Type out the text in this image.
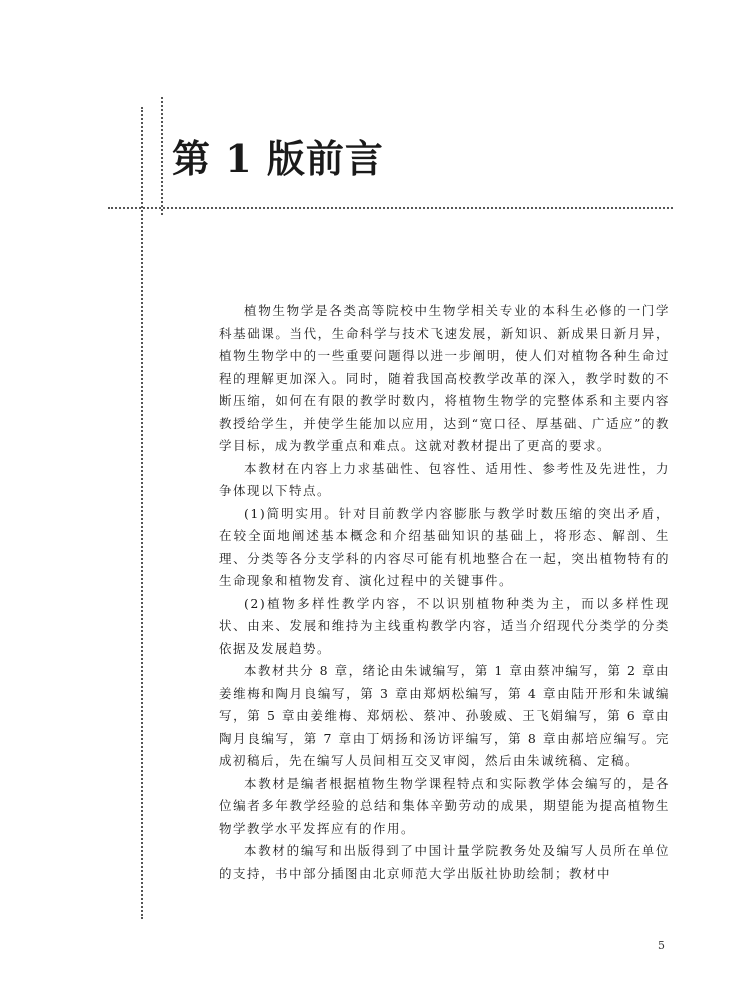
第 1 版前言

植物生物学是各类高等院校中生物学相关专业的本科生必修的一门学科基础课。当代，生命科学与技术飞速发展，新知识、新成果日新月异，植物生物学中的一些重要问题得以进一步阐明，使人们对植物各种生命过程的理解更加深入。同时，随着我国高校教学改革的深入，教学时数的不断压缩，如何在有限的教学时数内，将植物生物学的完整体系和主要内容教授给学生，并使学生能加以应用，达到“宽口径、厚基础、广适应”的教学目标，成为教学重点和难点。这就对教材提出了更高的要求。

本教材在内容上力求基础性、包容性、适用性、参考性及先进性，力争体现以下特点。

(1)简明实用。针对目前教学内容膨胀与教学时数压缩的突出矛盾，在较全面地阐述基本概念和介绍基础知识的基础上，将形态、解剖、生理、分类等各分支学科的内容尽可能有机地整合在一起，突出植物特有的生命现象和植物发育、演化过程中的关键事件。

(2)植物多样性教学内容，不以识别植物种类为主，而以多样性现状、由来、发展和维持为主线重构教学内容，适当介绍现代分类学的分类依据及发展趋势。

本教材共分 8 章，绪论由朱诚编写，第 1 章由蔡冲编写，第 2 章由姜维梅和陶月良编写，第 3 章由郑炳松编写，第 4 章由陆开形和朱诚编写，第 5 章由姜维梅、郑炳松、蔡冲、孙骏威、王飞娟编写，第 6 章由陶月良编写，第 7 章由丁炳扬和汤访评编写，第 8 章由郝培应编写。完成初稿后，先在编写人员间相互交叉审阅，然后由朱诚统稿、定稿。

本教材是编者根据植物生物学课程特点和实际教学体会编写的，是各位编者多年教学经验的总结和集体辛勤劳动的成果，期望能为提高植物生物学教学水平发挥应有的作用。

本教材的编写和出版得到了中国计量学院教务处及编写人员所在单位的支持，书中部分插图由北京师范大学出版社协助绘制；教材中

5
